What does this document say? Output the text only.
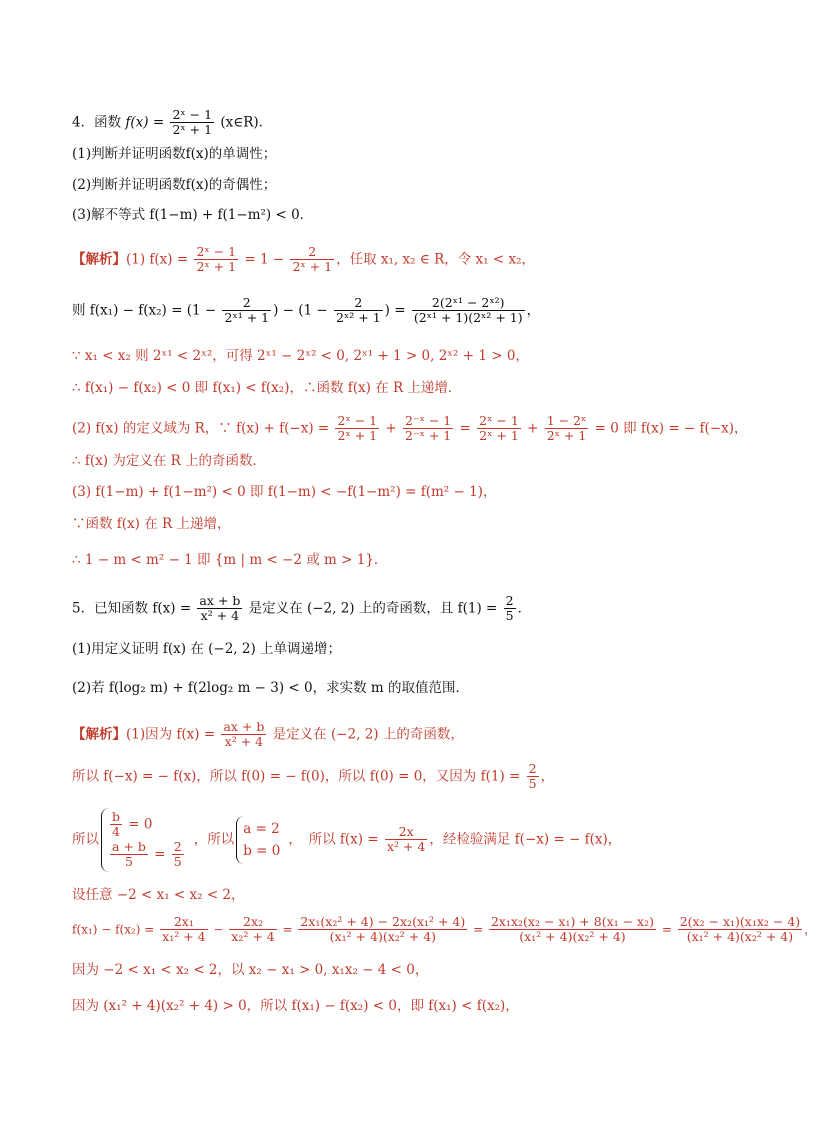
4．函数 $f(x) = \frac{\text{2ˣ − 1}}{\text{2ˣ + 1}}$ (x∈R)．
(1)判断并证明函数f(x)的单调性；
(2)判断并证明函数f(x)的奇偶性；
(3)解不等式 f(1−m) + f(1−m²) < 0．
【解析】(1) $f(x) = \frac{\text{2ˣ − 1}}{\text{2ˣ + 1}} = 1 - \frac{2}{\text{2ˣ + 1}}$ ，任取 x₁, x₂ ∈ R，令 x₁ < x₂，
则 $f(x_1) - f(x_2) = (1 - \frac{2}{\text{2ˣ¹ + 1}}$ ) − ($1 - \frac{2}{\text{2ˣ² + 1}}$ ) = $\frac{\text{2(2ˣ¹ − 2ˣ²)}}{\text{(2ˣ¹ + 1)(2ˣ² + 1)}}$ ，
∵ x₁ < x₂ 则 2ˣ¹ < 2ˣ²，可得 2ˣ¹ − 2ˣ² < 0, 2ˣ¹ + 1 > 0, 2ˣ² + 1 > 0，
∴ f(x₁) − f(x₂) < 0 即 f(x₁) < f(x₂)，∴函数 f(x) 在 R 上递增．
(2) f(x) 的定义域为 R，∵ $f(x) + f(-x) = \frac{\text{2ˣ − 1}}{\text{2ˣ + 1}} + \frac{\text{2⁻ˣ − 1}}{\text{2⁻ˣ + 1}} = \frac{\text{2ˣ − 1}}{\text{2ˣ + 1}} + \frac{\text{1 − 2ˣ}}{\text{2ˣ + 1}} = 0$ 即 f(x) = − f(−x)，
∴ f(x) 为定义在 R 上的奇函数．
(3) f(1−m) + f(1−m²) < 0 即 f(1−m) < −f(1−m²) = f(m² − 1)，
∵函数 f(x) 在 R 上递增，
∴ 1 − m < m² − 1 即 {m | m < −2 或 m > 1}．
5．已知函数 $f(x) = \frac{ax + b}{\text{x² + 4}}$ 是定义在 (−2, 2) 上的奇函数，且 $f(1) = \frac{2}{5}$ ．
(1)用定义证明 f(x) 在 (−2, 2) 上单调递增；
(2)若 f(log₂ m) + f(2log₂ m − 3) < 0，求实数 m 的取值范围．
【解析】(1)因为 $f(x) = \frac{ax + b}{\text{x² + 4}}$ 是定义在 (−2, 2) 上的奇函数，
所以 f(−x) = − f(x)，所以 f(0) = − f(0)，所以 f(0) = 0，又因为 $f(1) = \frac{2}{5}$ ，
所以 $\frac{b}{4} = 0$
$\frac{a + b}{5} = \frac{2}{5}$
，所以
a = 2
b = 0
，　所以 $f(x) = \frac{2x}{\text{x² + 4}}$ ，经检验满足 f(−x) = − f(x)，
设任意 −2 < x₁ < x₂ < 2，
$f(x_1) - f(x_2) = \frac{\text{2x₁}}{\text{x₁² + 4}} - \frac{\text{2x₂}}{\text{x₂² + 4}} = \frac{\text{2x₁(x₂² + 4) − 2x₂(x₁² + 4)}}{\text{(x₁² + 4)(x₂² + 4)}} = \frac{\text{2x₁x₂(x₂ − x₁) + 8(x₁ − x₂)}}{\text{(x₁² + 4)(x₂² + 4)}} = \frac{\text{2(x₂ − x₁)(x₁x₂ − 4)}}{\text{(x₁² + 4)(x₂² + 4)}}$ ，
因为 −2 < x₁ < x₂ < 2，以 x₂ − x₁ > 0, x₁x₂ − 4 < 0，
因为 (x₁² + 4)(x₂² + 4) > 0，所以 f(x₁) − f(x₂) < 0，即 f(x₁) < f(x₂)，
